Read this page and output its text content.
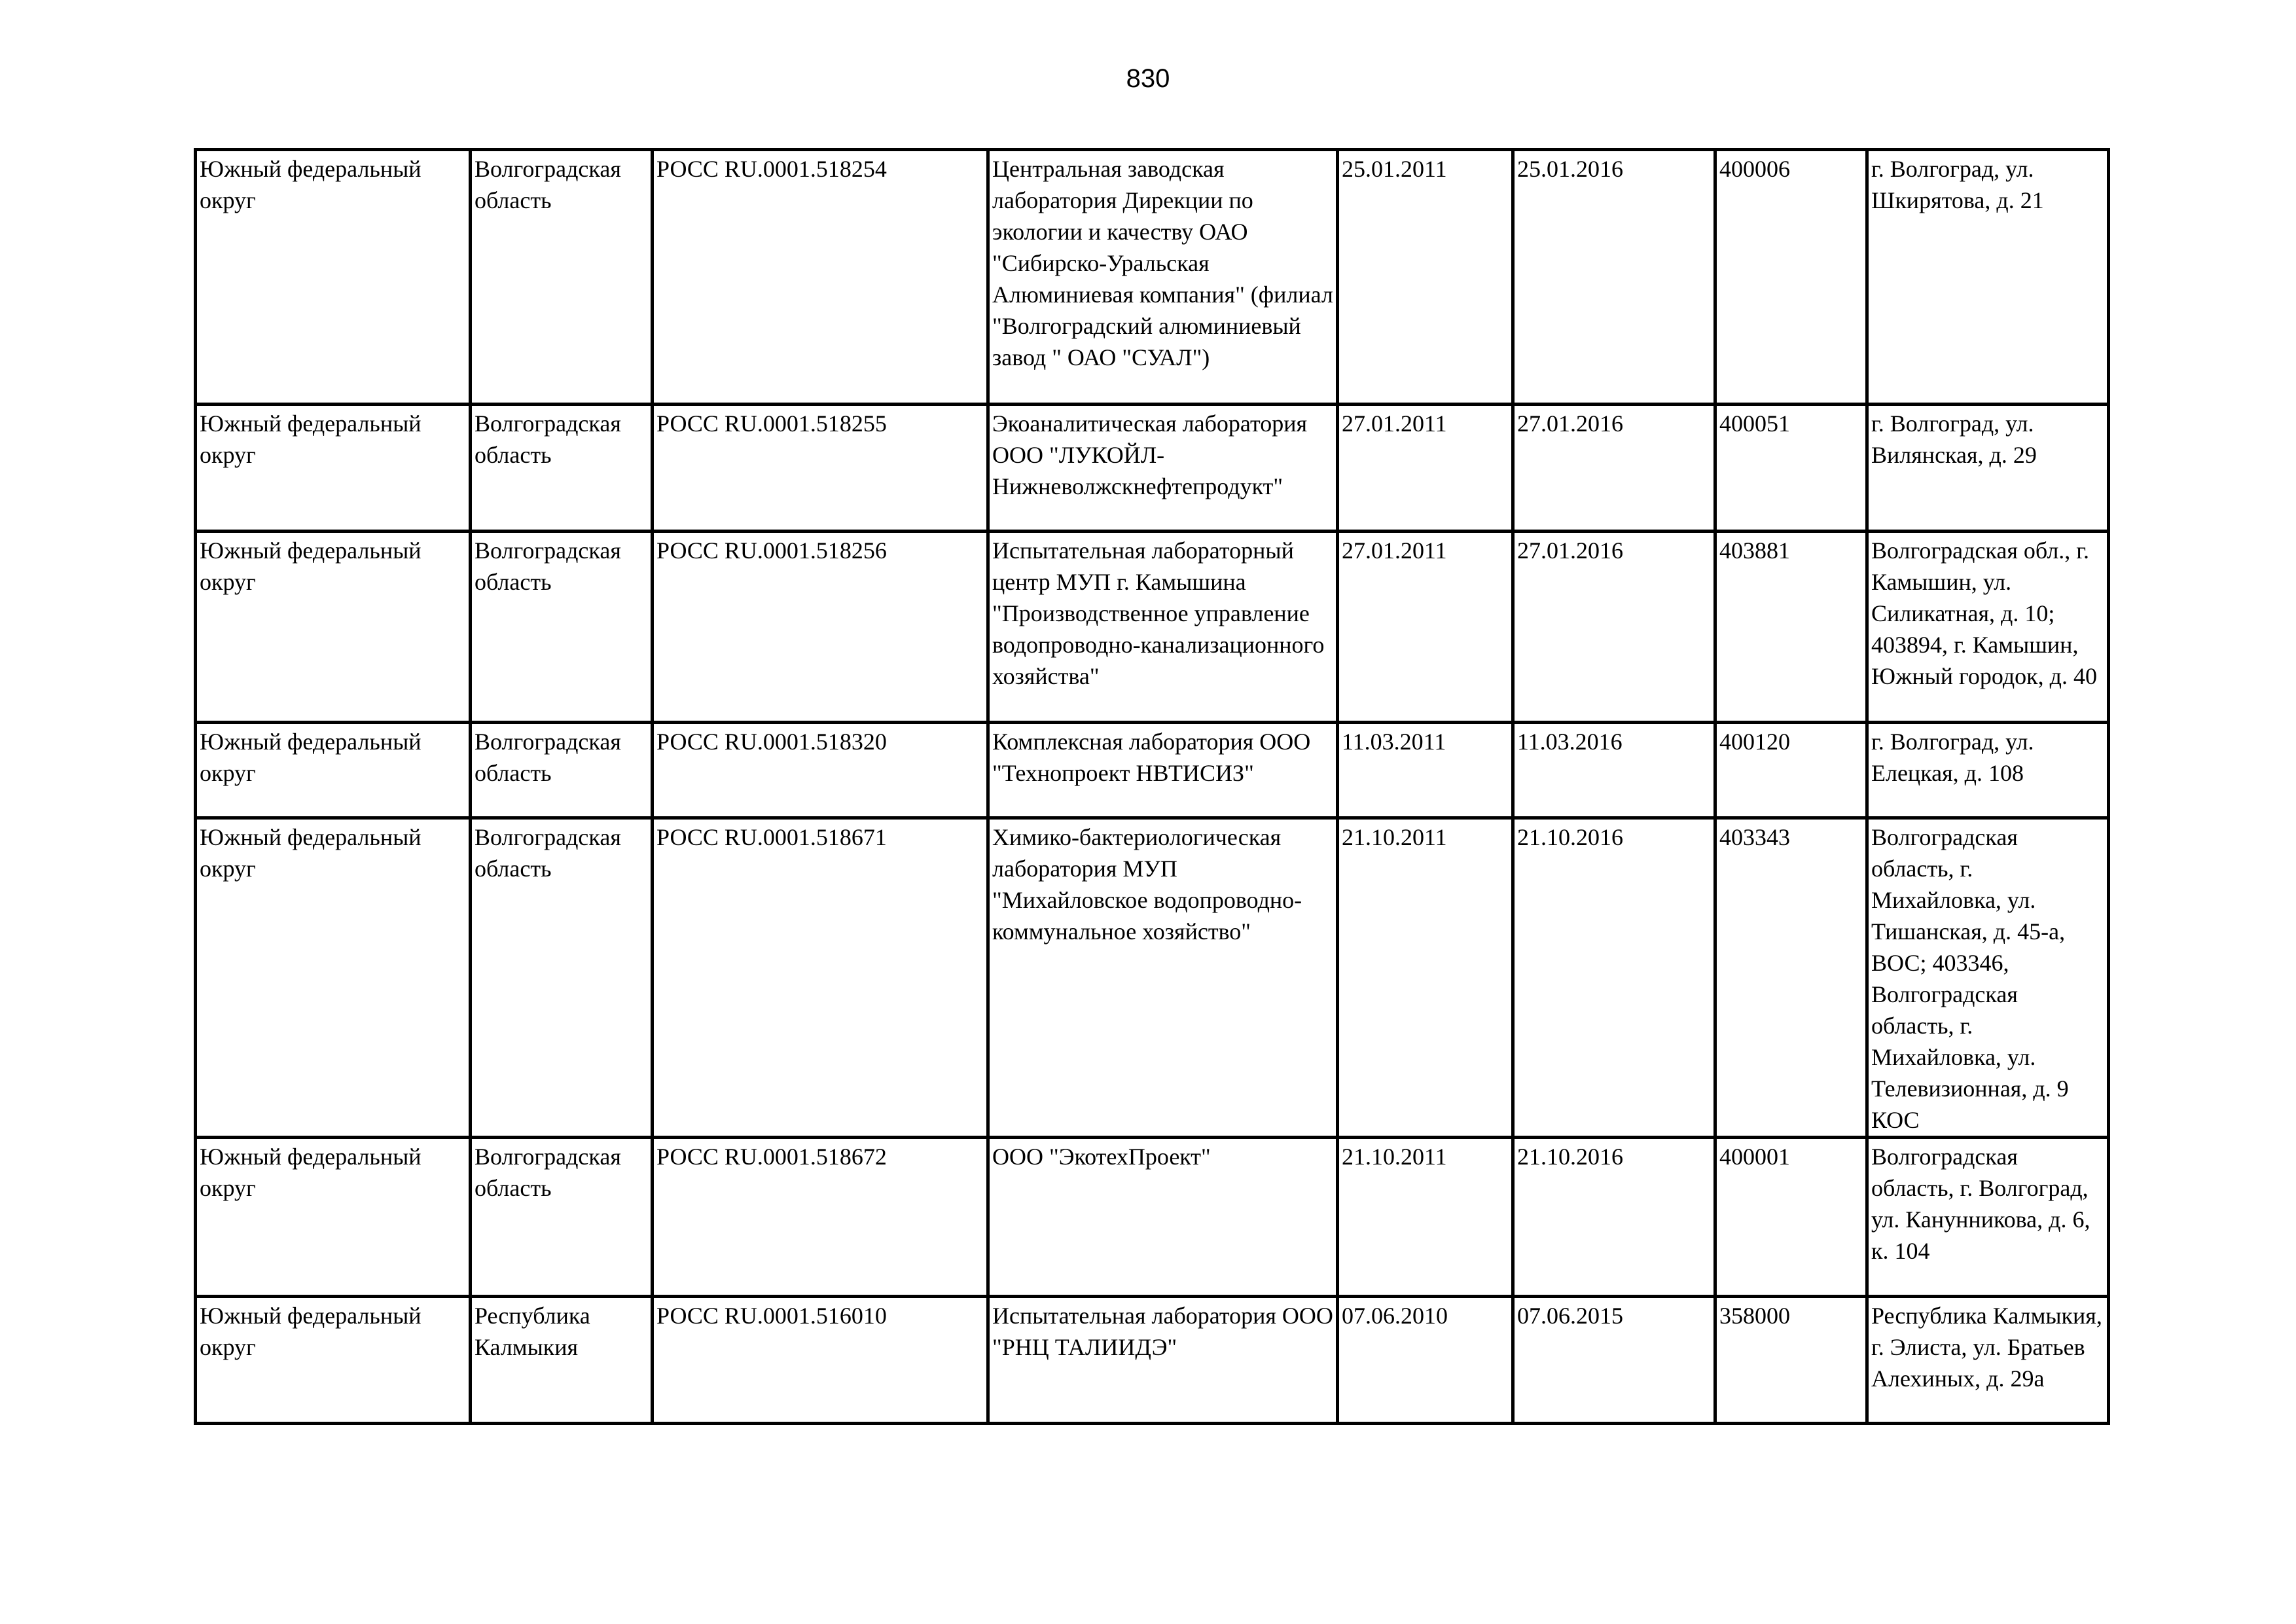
830
Южный федеральный округ	Волгоградская область	РОСС RU.0001.518254	Центральная заводская лаборатория Дирекции по экологии и качеству ОАО "Сибирско-Уральская Алюминиевая компания" (филиал "Волгоградский алюминиевый завод " ОАО "СУАЛ")	25.01.2011	25.01.2016	400006	г. Волгоград, ул. Шкирятова, д. 21
Южный федеральный округ	Волгоградская область	РОСС RU.0001.518255	Экоаналитическая лаборатория ООО "ЛУКОЙЛ-Нижневолжскнефтепродукт"	27.01.2011	27.01.2016	400051	г. Волгоград, ул. Вилянская, д. 29
Южный федеральный округ	Волгоградская область	РОСС RU.0001.518256	Испытательная лабораторный центр МУП г. Камышина "Производственное управление водопроводно-канализационного хозяйства"	27.01.2011	27.01.2016	403881	Волгоградская обл., г. Камышин, ул. Силикатная, д. 10; 403894, г. Камышин, Южный городок, д. 40
Южный федеральный округ	Волгоградская область	РОСС RU.0001.518320	Комплексная лаборатория ООО "Технопроект НВТИСИЗ"	11.03.2011	11.03.2016	400120	г. Волгоград, ул. Елецкая, д. 108
Южный федеральный округ	Волгоградская область	РОСС RU.0001.518671	Химико-бактериологическая лаборатория МУП "Михайловское водопроводно-коммунальное хозяйство"	21.10.2011	21.10.2016	403343	Волгоградская область, г. Михайловка, ул. Тишанская, д. 45-а, ВОС; 403346, Волгоградская область, г. Михайловка, ул. Телевизионная, д. 9 КОС
Южный федеральный округ	Волгоградская область	РОСС RU.0001.518672	ООО "ЭкотехПроект"	21.10.2011	21.10.2016	400001	Волгоградская область, г. Волгоград, ул. Канунникова, д. 6, к. 104
Южный федеральный округ	Республика Калмыкия	РОСС RU.0001.516010	Испытательная лаборатория ООО "РНЦ ТАЛИИДЭ"	07.06.2010	07.06.2015	358000	Республика Калмыкия, г. Элиста, ул. Братьев Алехиных, д. 29а
